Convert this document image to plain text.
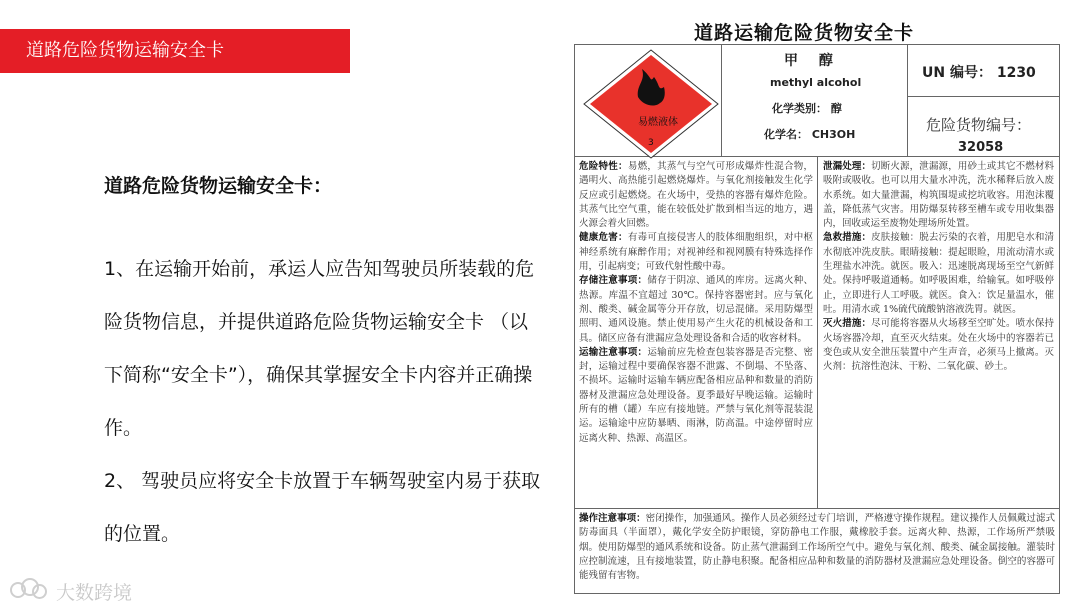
道路危险货物运输安全卡

道路危险货物运输安全卡：

1、在运输开始前，承运人应告知驾驶员所装载的危险货物信息，并提供道路危险货物运输安全卡 （以下简称“安全卡”），确保其掌握安全卡内容并正确操作。

2、 驾驶员应将安全卡放置于车辆驾驶室内易于获取的位置。

大数跨境
道路运输危险货物安全卡
易燃液体
3
甲 醇
methyl alcohol
化学类别： 醇
化学名： CH3OH
UN 编号： 1230
危险货物编号：
32058
危险特性：易燃，其蒸气与空气可形成爆炸性混合物，遇明火、高热能引起燃烧爆炸。与氧化剂接触发生化学反应或引起燃烧。在火场中，受热的容器有爆炸危险。其蒸气比空气重，能在较低处扩散到相当远的地方，遇火源会着火回燃。
健康危害：有毒可直接侵害人的肢体细胞组织，对中枢神经系统有麻醉作用；对视神经和视网膜有特殊选择作用，引起病变；可致代射性酸中毒。
存储注意事项：储存于阴凉、通风的库房。远离火种、热源。库温不宜超过 30℃。保持容器密封。应与氧化剂、酸类、碱金属等分开存放，切忌混储。采用防爆型照明、通风设施。禁止使用易产生火花的机械设备和工具。储区应备有泄漏应急处理设备和合适的收容材料。
运输注意事项：运输前应先检查包装容器是否完整、密封，运输过程中要确保容器不泄露、不倒塌、不坠落、不损坏。运输时运输车辆应配备相应品种和数量的消防器材及泄漏应急处理设备。夏季最好早晚运输。运输时所有的槽（罐）车应有接地链。严禁与氧化剂等混装混运。运输途中应防暴晒、雨淋，防高温。中途停留时应远离火种、热源、高温区。
泄漏处理：切断火源，泄漏源，用砂土或其它不燃材料吸附或吸收。也可以用大量水冲洗，洗水稀释后放入废水系统。如大量泄漏，构筑围堤或挖坑收容。用泡沫覆盖，降低蒸气灾害。用防爆泵转移至槽车或专用收集器内，回收或运至废物处理场所处置。
急救措施：皮肤接触：脱去污染的衣着，用肥皂水和清水彻底冲洗皮肤。眼睛接触：提起眼睑，用流动清水或生理盐水冲洗。就医。吸入：迅速脱离现场至空气新鲜处。保持呼吸道通畅。如呼吸困难，给输氧。如呼吸停止，立即进行人工呼吸。就医。食入：饮足量温水，催吐。用清水或 1%硫代硫酸钠溶液洗胃。就医。
灭火措施：尽可能将容器从火场移至空旷处。喷水保持火场容器冷却，直至灭火结束。处在火场中的容器若已变色或从安全泄压装置中产生声音，必须马上撤离。灭火剂：抗溶性泡沫、干粉、二氧化碳、砂土。
操作注意事项：密闭操作，加强通风。操作人员必须经过专门培训，严格遵守操作规程。建议操作人员佩戴过滤式防毒面具（半面罩），戴化学安全防护眼镜，穿防静电工作服，戴橡胶手套。远离火种、热源，工作场所严禁吸烟。使用防爆型的通风系统和设备。防止蒸气泄漏到工作场所空气中。避免与氧化剂、酸类、碱金属接触。灌装时应控制流速，且有接地装置，防止静电积聚。配备相应品种和数量的消防器材及泄漏应急处理设备。倒空的容器可能残留有害物。
